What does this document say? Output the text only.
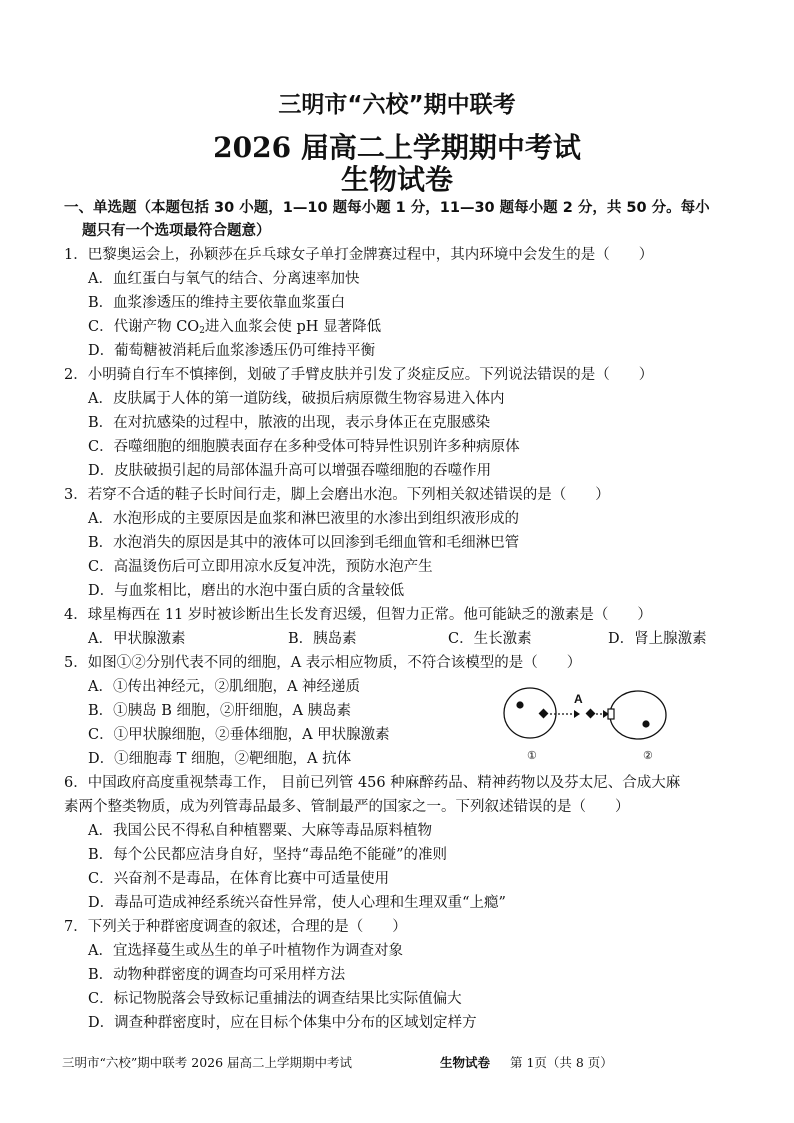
三明市“六校”期中联考
2026 届高二上学期期中考试
生物试卷
一、单选题（本题包括 30 小题，1—10 题每小题 1 分，11—30 题每小题 2 分，共 50 分。每小
题只有一个选项最符合题意）
1．巴黎奥运会上，孙颖莎在乒乓球女子单打金牌赛过程中，其内环境中会发生的是（　　）
A．血红蛋白与氧气的结合、分离速率加快
B．血浆渗透压的维持主要依靠血浆蛋白
C．代谢产物 $CO_2$进入血浆会使 pH 显著降低
D．葡萄糖被消耗后血浆渗透压仍可维持平衡
2．小明骑自行车不慎摔倒，划破了手臂皮肤并引发了炎症反应。下列说法错误的是（　　）
A．皮肤属于人体的第一道防线，破损后病原微生物容易进入体内
B．在对抗感染的过程中，脓液的出现，表示身体正在克服感染
C．吞噬细胞的细胞膜表面存在多种受体可特异性识别许多种病原体
D．皮肤破损引起的局部体温升高可以增强吞噬细胞的吞噬作用
3．若穿不合适的鞋子长时间行走，脚上会磨出水泡。下列相关叙述错误的是（　　）
A．水泡形成的主要原因是血浆和淋巴液里的水渗出到组织液形成的
B．水泡消失的原因是其中的液体可以回渗到毛细血管和毛细淋巴管
C．高温烫伤后可立即用凉水反复冲洗，预防水泡产生
D．与血浆相比，磨出的水泡中蛋白质的含量较低
4．球星梅西在 11 岁时被诊断出生长发育迟缓，但智力正常。他可能缺乏的激素是（　　）
A．甲状腺激素	B．胰岛素	C．生长激素	D．肾上腺激素
5．如图①②分别代表不同的细胞，A 表示相应物质，不符合该模型的是（　　）
A．①传出神经元，②肌细胞，A 神经递质
B．①胰岛 B 细胞，②肝细胞，A 胰岛素
C．①甲状腺细胞，②垂体细胞，A 甲状腺激素
D．①细胞毒 T 细胞，②靶细胞，A 抗体
A
①	②
6．中国政府高度重视禁毒工作， 目前已列管 456 种麻醉药品、精神药物以及芬太尼、合成大麻
素两个整类物质，成为列管毒品最多、管制最严的国家之一。下列叙述错误的是（　　）
A．我国公民不得私自种植罂粟、大麻等毒品原料植物
B．每个公民都应洁身自好，坚持“毒品绝不能碰”的准则
C．兴奋剂不是毒品，在体育比赛中可适量使用
D．毒品可造成神经系统兴奋性异常，使人心理和生理双重“上瘾”
7．下列关于种群密度调查的叙述，合理的是（　　）
A．宜选择蔓生或丛生的单子叶植物作为调查对象
B．动物种群密度的调查均可采用样方法
C．标记物脱落会导致标记重捕法的调查结果比实际值偏大
D．调查种群密度时，应在目标个体集中分布的区域划定样方
三明市“六校”期中联考 2026 届高二上学期期中考试	生物试卷 第 1页（共 8 页）
